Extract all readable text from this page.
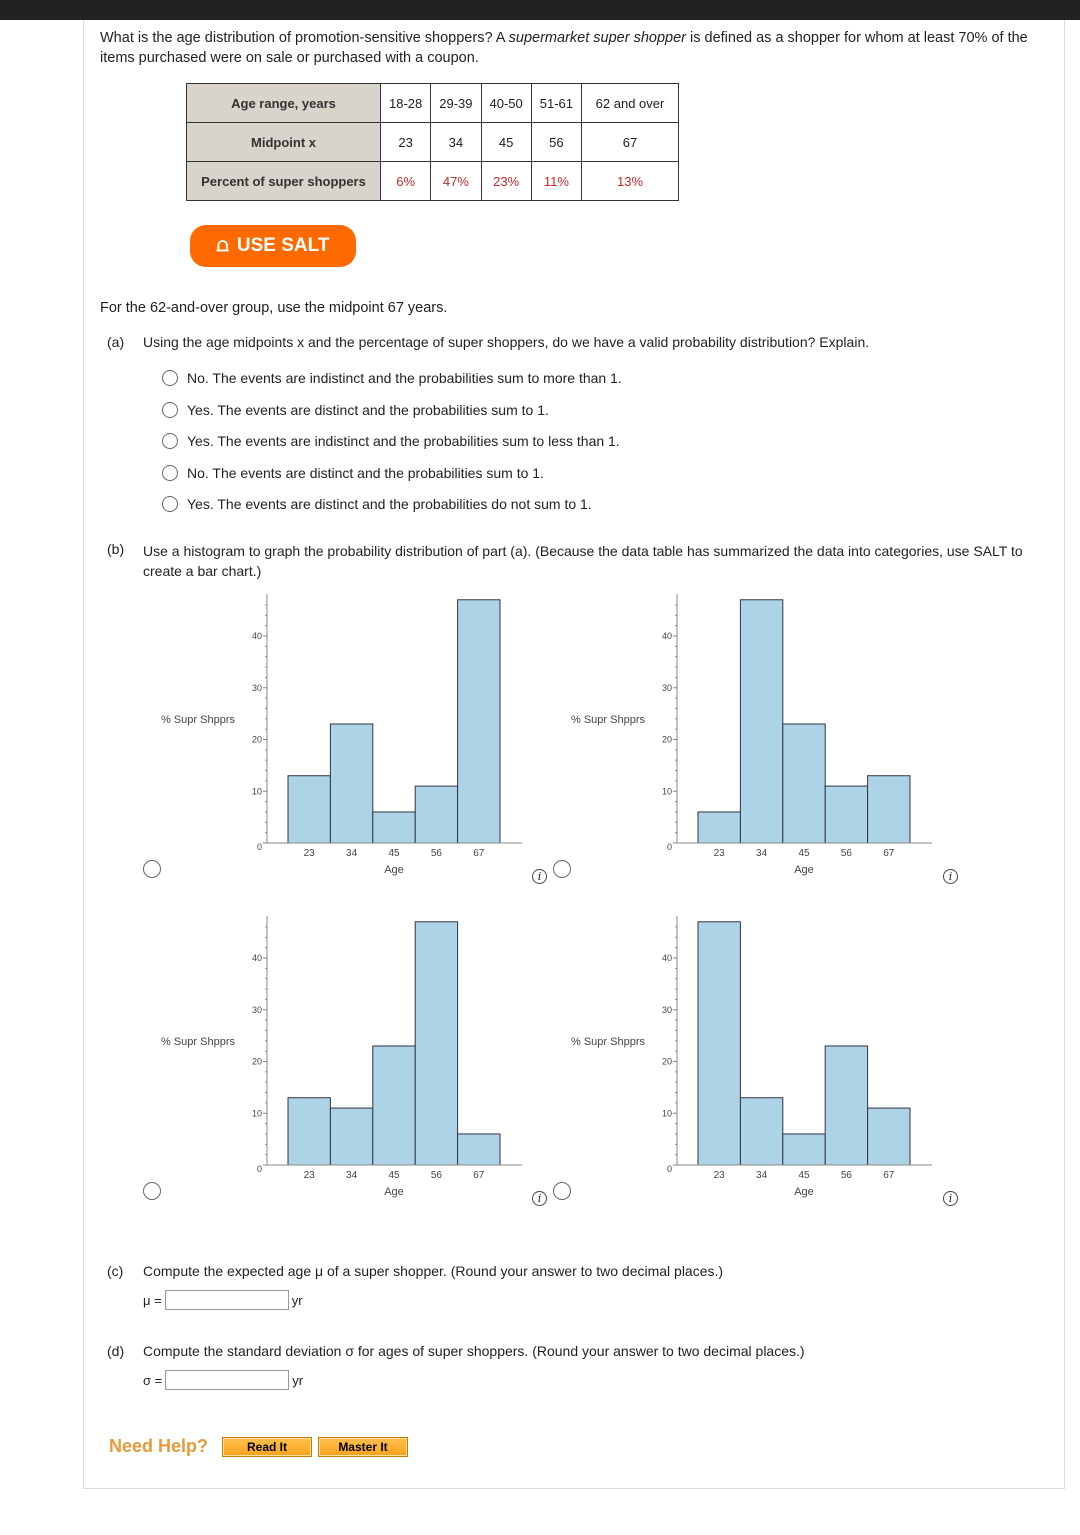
What is the age distribution of promotion-sensitive shoppers? A supermarket super shopper is defined as a shopper for whom at least 70% of the items purchased were on sale or purchased with a coupon.
Age range, years	18-28	29-39	40-50	51-61	62 and over
Midpoint x	23	34	45	56	67
Percent of super shoppers	6%	47%	23%	11%	13%
⩍ USE SALT
For the 62-and-over group, use the midpoint 67 years.
(a) Using the age midpoints x and the percentage of super shoppers, do we have a valid probability distribution? Explain.
No. The events are indistinct and the probabilities sum to more than 1.
Yes. The events are distinct and the probabilities sum to 1.
Yes. The events are indistinct and the probabilities sum to less than 1.
No. The events are distinct and the probabilities sum to 1.
Yes. The events are distinct and the probabilities do not sum to 1.
(b) Use a histogram to graph the probability distribution of part (a). (Because the data table has summarized the data into categories, use SALT to create a bar chart.)
0
10
20
30
40
23	34	45	56	67
Age
% Supr Shpprs
i
0
10
20
30
40
23	34	45	56	67
Age
% Supr Shpprs
i
0
10
20
30
40
23	34	45	56	67
Age
% Supr Shpprs
i
0
10
20
30
40
23	34	45	56	67
Age
% Supr Shpprs
i
(c) Compute the expected age μ of a super shopper. (Round your answer to two decimal places.)
μ =	yr
(d) Compute the standard deviation σ for ages of super shoppers. (Round your answer to two decimal places.)
σ =	yr
Need Help?	Read It	Master It
